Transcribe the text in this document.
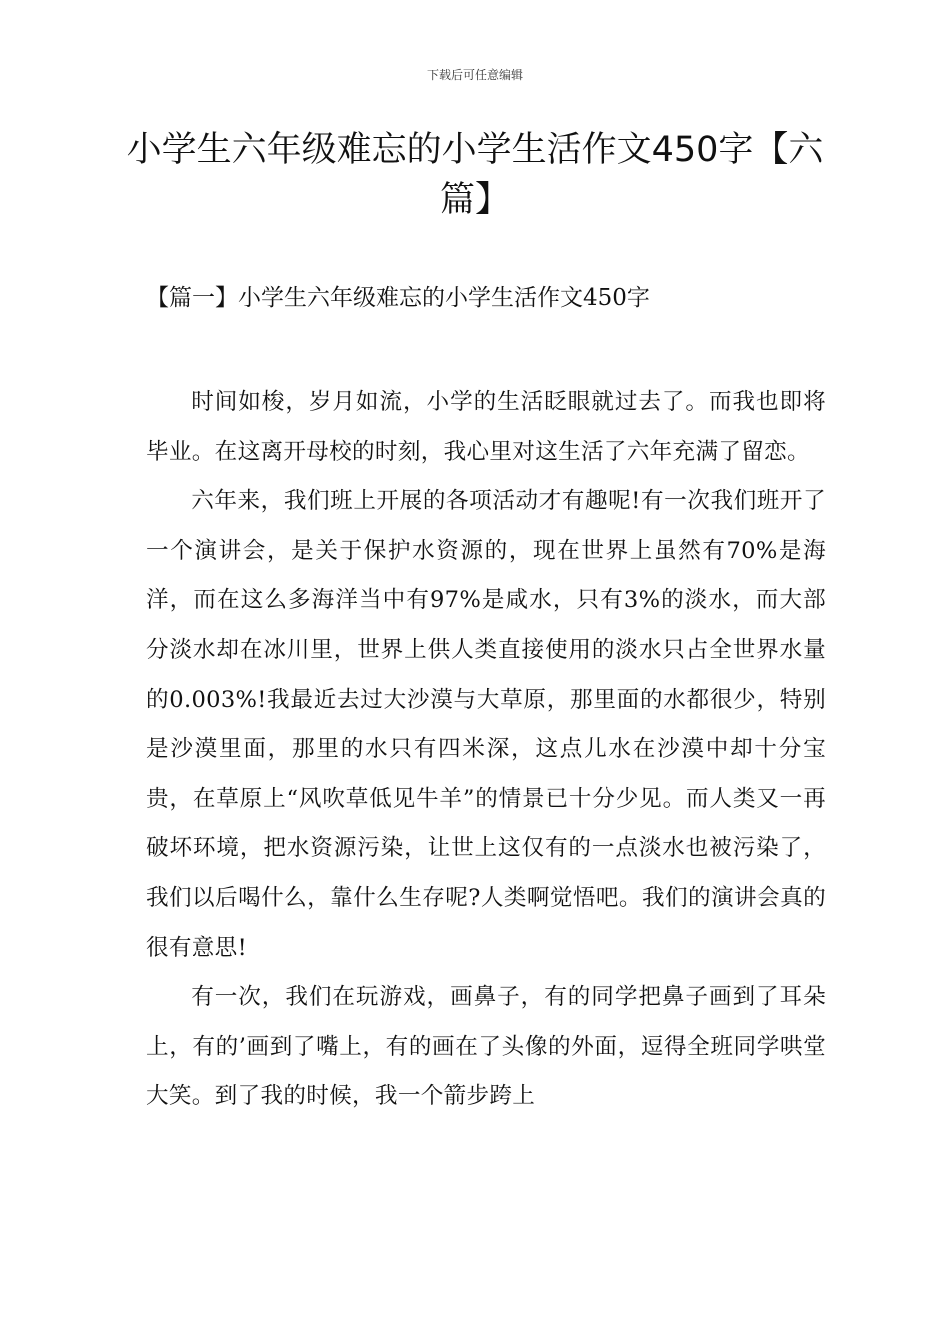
下载后可任意编辑
小学生六年级难忘的小学生活作文450字【六篇】
【篇一】小学生六年级难忘的小学生活作文450字

时间如梭，岁月如流，小学的生活眨眼就过去了。而我也即将毕业。在这离开母校的时刻，我心里对这生活了六年充满了留恋。

六年来，我们班上开展的各项活动才有趣呢!有一次我们班开了一个演讲会，是关于保护水资源的，现在世界上虽然有70%是海洋，而在这么多海洋当中有97%是咸水，只有3%的淡水，而大部分淡水却在冰川里，世界上供人类直接使用的淡水只占全世界水量的0.003%!我最近去过大沙漠与大草原，那里面的水都很少，特别是沙漠里面，那里的水只有四米深，这点儿水在沙漠中却十分宝贵，在草原上“风吹草低见牛羊”的情景已十分少见。而人类又一再破坏环境，把水资源污染，让世上这仅有的一点淡水也被污染了，我们以后喝什么，靠什么生存呢?人类啊觉悟吧。我们的演讲会真的很有意思!

有一次，我们在玩游戏，画鼻子，有的同学把鼻子画到了耳朵上，有的’画到了嘴上，有的画在了头像的外面，逗得全班同学哄堂大笑。到了我的时候，我一个箭步跨上
